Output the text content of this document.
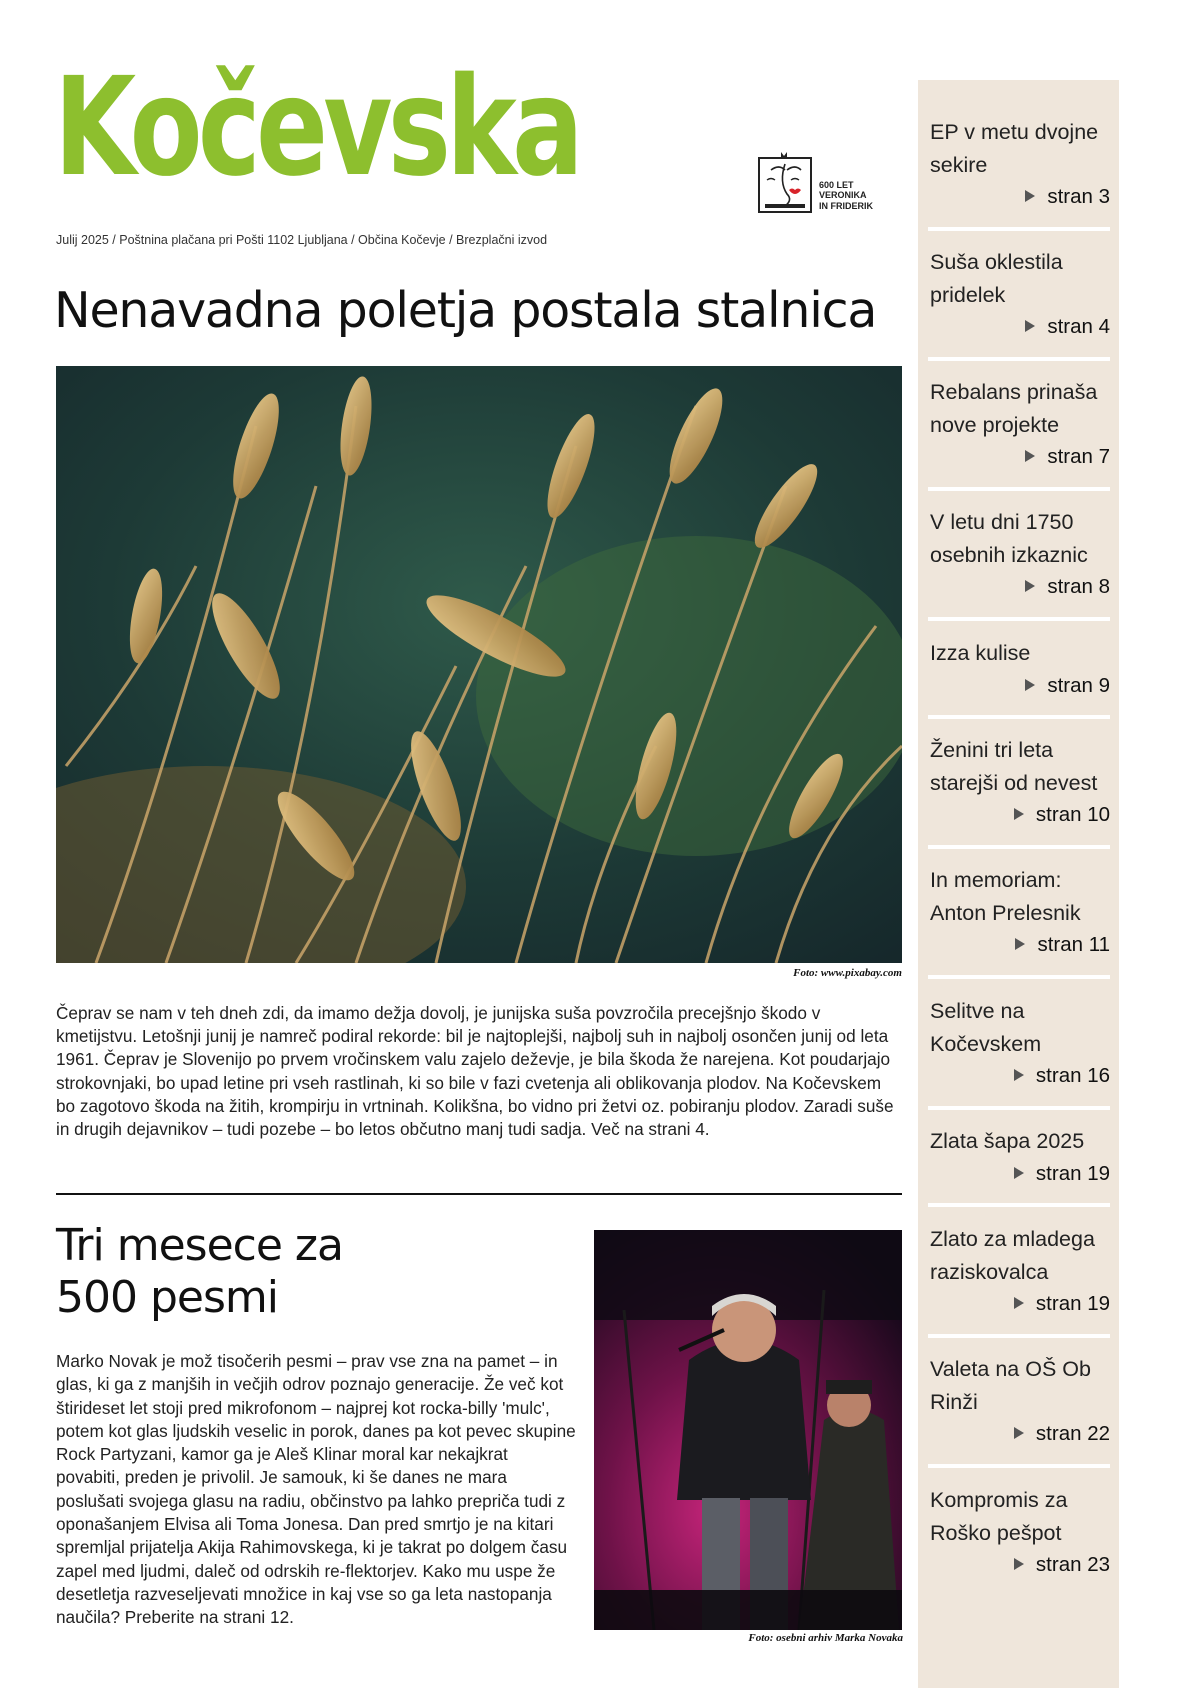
Kočevska	600 LET
VERONIKA
IN FRIDERIK
Julij 2025 / Poštnina plačana pri Pošti 1102 Ljubljana / Občina Kočevje / Brezplačni izvod
Nenavadna poletja postala stalnica
Foto: www.pixabay.com
Čeprav se nam v teh dneh zdi, da imamo dežja dovolj, je junijska suša povzročila precejšnjo škodo v kmetijstvu. Letošnji junij je namreč podiral rekorde: bil je najtoplejši, najbolj suh in najbolj osončen junij od leta 1961. Čeprav je Slovenijo po prvem vročinskem valu zajelo deževje, je bila škoda že narejena. Kot poudarjajo strokovnjaki, bo upad letine pri vseh rastlinah, ki so bile v fazi cvetenja ali oblikovanja plodov. Na Kočevskem bo zagotovo škoda na žitih, krompirju in vrtninah. Kolikšna, bo vidno pri žetvi oz. pobiranju plodov. Zaradi suše in drugih dejavnikov – tudi pozebe – bo letos občutno manj tudi sadja. Več na strani 4.
Tri mesece za
500 pesmi
Marko Novak je mož tisočerih pesmi – prav vse zna na pamet – in glas, ki ga z manjših in večjih odrov poznajo generacije. Že več kot štirideset let stoji pred mikrofonom – najprej kot rocka-billy 'mulc', potem kot glas ljudskih veselic in porok, danes pa kot pevec skupine Rock Partyzani, kamor ga je Aleš Klinar moral kar nekajkrat povabiti, preden je privolil. Je samouk, ki še danes ne mara poslušati svojega glasu na radiu, občinstvo pa lahko prepriča tudi z oponašanjem Elvisa ali Toma Jonesa. Dan pred smrtjo je na kitari spremljal prijatelja Akija Rahimovskega, ki je takrat po dolgem času zapel med ljudmi, daleč od odrskih re-flektorjev. Kako mu uspe že desetletja razveseljevati množice in kaj vse so ga leta nastopanja naučila? Preberite na strani 12.
Foto: osebni arhiv Marka Novaka
EP v metu dvojne sekire
stran 3
Suša oklestila pridelek
stran 4
Rebalans prinaša nove projekte
stran 7
V letu dni 1750 osebnih izkaznic
stran 8
Izza kulise
stran 9
Ženini tri leta starejši od nevest
stran 10
In memoriam: Anton Prelesnik
stran 11
Selitve na Kočevskem
stran 16
Zlata šapa 2025
stran 19
Zlato za mladega raziskovalca
stran 19
Valeta na OŠ Ob Rinži
stran 22
Kompromis za Roško pešpot
stran 23
